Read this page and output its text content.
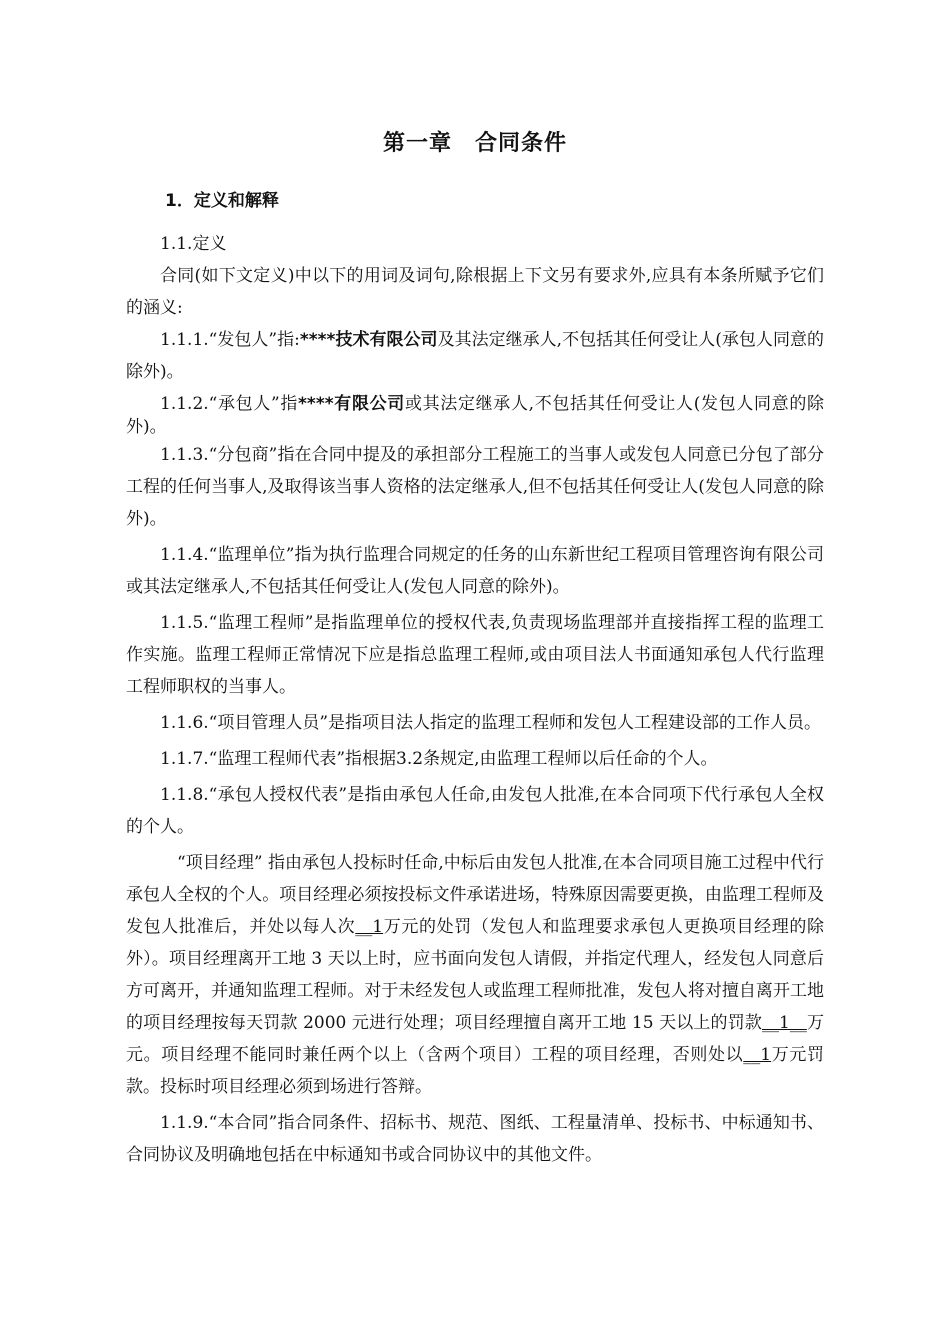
第一章　合同条件
1．定义和解释

1.1.定义

合同(如下文定义)中以下的用词及词句,除根据上下文另有要求外,应具有本条所赋予它们的涵义:

1.1.1.“发包人”指:****技术有限公司及其法定继承人,不包括其任何受让人(承包人同意的除外)。

1.1.2.“承包人”指****有限公司或其法定继承人,不包括其任何受让人(发包人同意的除外)。

1.1.3.“分包商”指在合同中提及的承担部分工程施工的当事人或发包人同意已分包了部分工程的任何当事人,及取得该当事人资格的法定继承人,但不包括其任何受让人(发包人同意的除外)。

1.1.4.“监理单位”指为执行监理合同规定的任务的山东新世纪工程项目管理咨询有限公司或其法定继承人,不包括其任何受让人(发包人同意的除外)。

1.1.5.“监理工程师”是指监理单位的授权代表,负责现场监理部并直接指挥工程的监理工作实施。监理工程师正常情况下应是指总监理工程师,或由项目法人书面通知承包人代行监理工程师职权的当事人。

1.1.6.“项目管理人员”是指项目法人指定的监理工程师和发包人工程建设部的工作人员。

1.1.7.“监理工程师代表”指根据3.2条规定,由监理工程师以后任命的个人。

1.1.8.“承包人授权代表”是指由承包人任命,由发包人批准,在本合同项下代行承包人全权的个人。

“项目经理” 指由承包人投标时任命,中标后由发包人批准,在本合同项目施工过程中代行承包人全权的个人。项目经理必须按投标文件承诺进场，特殊原因需要更换，由监理工程师及发包人批准后，并处以每人次__1万元的处罚（发包人和监理要求承包人更换项目经理的除外）。项目经理离开工地 3 天以上时，应书面向发包人请假，并指定代理人，经发包人同意后方可离开，并通知监理工程师。对于未经发包人或监理工程师批准，发包人将对擅自离开工地的项目经理按每天罚款 2000 元进行处理；项目经理擅自离开工地 15 天以上的罚款__1__万元。项目经理不能同时兼任两个以上（含两个项目）工程的项目经理，否则处以__1万元罚款。投标时项目经理必须到场进行答辩。

1.1.9.“本合同”指合同条件、招标书、规范、图纸、工程量清单、投标书、中标通知书、合同协议及明确地包括在中标通知书或合同协议中的其他文件。
